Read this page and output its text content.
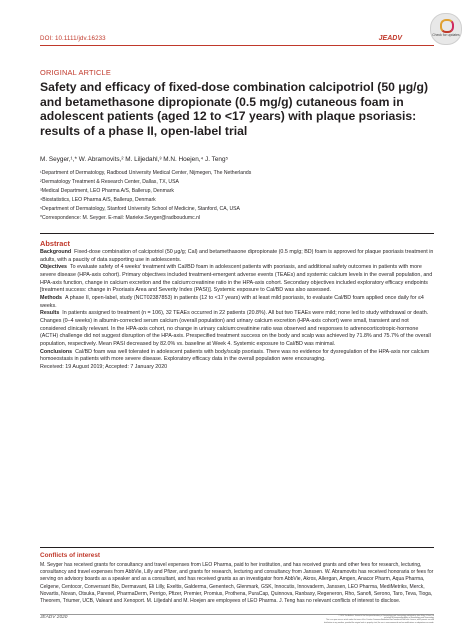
DOI: 10.1111/jdv.16233	JEADV	Check for updates
ORIGINAL ARTICLE
Safety and efficacy of fixed-dose combination calcipotriol (50 μg/g) and betamethasone dipropionate (0.5 mg/g) cutaneous foam in adolescent patients (aged 12 to <17 years) with plaque psoriasis: results of a phase II, open-label trial
M. Seyger,¹,* W. Abramovits,² M. Liljedahl,³ M.N. Hoejen,⁴ J. Teng⁵
¹Department of Dermatology, Radboud University Medical Center, Nijmegen, The Netherlands
²Dermatology Treatment & Research Center, Dallas, TX, USA
³Medical Department, LEO Pharma A/S, Ballerup, Denmark
⁴Biostatistics, LEO Pharma A/S, Ballerup, Denmark
⁵Department of Dermatology, Stanford University School of Medicine, Stanford, CA, USA
*Correspondence: M. Seyger. E-mail: Marieke.Seyger@radboudumc.nl
Abstract

Background Fixed-dose combination of calcipotriol (50 μg/g; Cal) and betamethasone dipropionate (0.5 mg/g; BD) foam is approved for plaque psoriasis treatment in adults, with a paucity of data supporting use in adolescents.

Objectives To evaluate safety of 4 weeks' treatment with Cal/BD foam in adolescent patients with psoriasis, and additional safety outcomes in patients with more severe disease (HPA-axis cohort). Primary objectives included treatment-emergent adverse events (TEAEs) and systemic calcium levels in the overall population, and HPA-axis function, change in calcium excretion and the calcium:creatinine ratio in the HPA-axis cohort. Secondary objectives included exploratory efficacy endpoints [treatment success: change in Psoriasis Area and Severity Index (PASI)]. Systemic exposure to Cal/BD was also assessed.

Methods A phase II, open-label, study (NCT02387853) in patients (12 to <17 years) with at least mild psoriasis, to evaluate Cal/BD foam applied once daily for ≤4 weeks.

Results In patients assigned to treatment (n = 106), 32 TEAEs occurred in 22 patients (20.8%). All but two TEAEs were mild; none led to study withdrawal or death. Changes (0–4 weeks) in albumin-corrected serum calcium (overall population) and urinary calcium excretion (HPA-axis cohort) were small, transient and not considered clinically relevant. In the HPA-axis cohort, no change in urinary calcium:creatinine ratio was observed and responses to adrenocorticotropic-hormone (ACTH) challenge did not suggest disruption of the HPA-axis. Prespecified treatment success on the body and scalp was achieved by 71.8% and 75.7% of the overall population, respectively. Mean PASI decreased by 82.0% vs. baseline at Week 4. Systemic exposure to Cal/BD was minimal.

Conclusions Cal/BD foam was well tolerated in adolescent patients with body/scalp psoriasis. There was no evidence for dysregulation of the HPA-axis nor calcium homoeostasis in patients with more severe disease. Exploratory efficacy data in the overall population were encouraging.

Received: 19 August 2019; Accepted: 7 January 2020

Conflicts of interest
M. Seyger has received grants for consultancy and travel expenses from LEO Pharma, paid to her institution, and has received grants and other fees for research, lecturing, consultancy and travel expenses from AbbVie, Lilly and Pfizer, and grants for research, lecturing and consultancy from Janssen. W. Abramovits has received honoraria or fees for serving on advisory boards as a speaker and as a consultant, and has received grants as an investigator from AbbVie, Akros, Allergan, Amgen, Anacor Pharm, Aqua Pharma, Celgene, Centocor, Conversant Bio, Dermavant, Eli Lilly, Exeltis, Galderma, Genentech, Glenmark, GSK, Innocutis, Innovaderm, Janssen, LEO Pharma, MediMetriks, Merck, Novartis, Novan, Otsuka, Parexel, PharmaDerm, Perrigo, Pfizer, Premier, Promius, Prothena, PuraCap, Quinnova, Ranbaxy, Regeneron, Rho, Sanofi, Serono, Taro, Teva, Tioga, Theorem, Triumer, UCB, Valeant and Xenoport. M. Liljedahl and M. Hoejen are employees of LEO Pharma. J. Teng has no relevant conflicts of interest to disclose.
JEADV 2020	© 2020 The Authors. Journal of the European Academy of Dermatology and Venereology published by John Wiley & Sons Ltd
on behalf of European Academy of Dermatology and Venereology
This is an open access article under the terms of the Creative Commons Attribution-NonCommercial-NoDerivs License, which permits use and
distribution in any medium, provided the original work is properly cited, the use is non-commercial and no modifications or adaptations are made.
